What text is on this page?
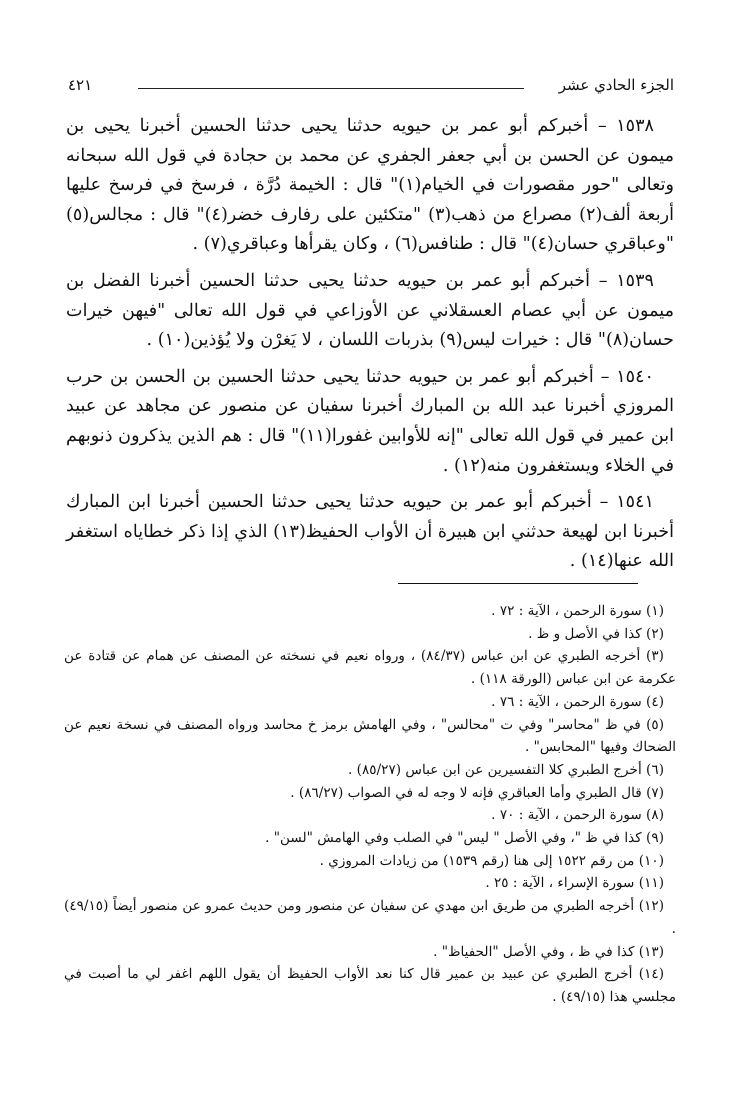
الجزء الحادي عشر
٤٢١

١٥٣٨ – أخبركم أبو عمر بن حيويه حدثنا يحيى حدثنا الحسين أخبرنا يحيى بن ميمون عن الحسن بن أبي جعفر الجفري عن محمد بن حجادة في قول الله سبحانه وتعالى "حور مقصورات في الخيام(١)" قال : الخيمة دُرَّة ، فرسخ في فرسخ عليها أربعة ألف(٢) مصراع من ذهب(٣) "متكئين على رفارف خضر(٤)" قال : مجالس(٥) "وعباقري حسان(٤)" قال : طنافس(٦) ، وكان يقرأها وعباقري(٧) .

١٥٣٩ – أخبركم أبو عمر بن حيويه حدثنا يحيى حدثنا الحسين أخبرنا الفضل بن ميمون عن أبي عصام العسقلاني عن الأوزاعي في قول الله تعالى "فيهن خيرات حسان(٨)" قال : خيرات ليس(٩) بذربات اللسان ، لا يَغرْن ولا يُؤذين(١٠) .

١٥٤٠ – أخبركم أبو عمر بن حيويه حدثنا يحيى حدثنا الحسين بن الحسن بن حرب المروزي أخبرنا عبد الله بن المبارك أخبرنا سفيان عن منصور عن مجاهد عن عبيد ابن عمير في قول الله تعالى "إنه للأوابين غفورا(١١)" قال : هم الذين يذكرون ذنوبهم في الخلاء ويستغفرون منه(١٢) .

١٥٤١ – أخبركم أبو عمر بن حيويه حدثنا يحيى حدثنا الحسين أخبرنا ابن المبارك أخبرنا ابن لهيعة حدثني ابن هبيرة أن الأواب الحفيظ(١٣) الذي إذا ذكر خطاياه استغفر الله عنها(١٤) .

(١) سورة الرحمن ، الآية : ٧٢ .

(٢) كذا في الأصل و ظ .

(٣) أخرجه الطبري عن ابن عباس (٨٤/٣٧) ، ورواه نعيم في نسخته عن المصنف عن همام عن قتادة عن عكرمة عن ابن عباس (الورقة ١١٨) .

(٤) سورة الرحمن ، الآية : ٧٦ .

(٥) في ظ "محاسر" وفي ت "محالس" ، وفي الهامش برمز خ محاسد ورواه المصنف في نسخة نعيم عن الضحاك وفيها "المحابس" .

(٦) أخرج الطبري كلا التفسيرين عن ابن عباس (٨٥/٢٧) .

(٧) قال الطبري وأما العباقري فإنه لا وجه له في الصواب (٨٦/٢٧) .

(٨) سورة الرحمن ، الآية : ٧٠ .

(٩) كذا في ظ "، وفي الأصل " ليس" في الصلب وفي الهامش "لسن" .

(١٠) من رقم ١٥٢٢ إلى هنا (رقم ١٥٣٩) من زيادات المروزي .

(١١) سورة الإسراء ، الآية : ٢٥ .

(١٢) أخرجه الطبري من طريق ابن مهدي عن سفيان عن منصور ومن حديث عمرو عن منصور أيضاً (٤٩/١٥) .

(١٣) كذا في ظ ، وفي الأصل "الحفياظ" .

(١٤) أخرج الطبري عن عبيد بن عمير قال كنا نعد الأواب الحفيظ أن يقول اللهم اغفر لي ما أصبت في مجلسي هذا (٤٩/١٥) .
